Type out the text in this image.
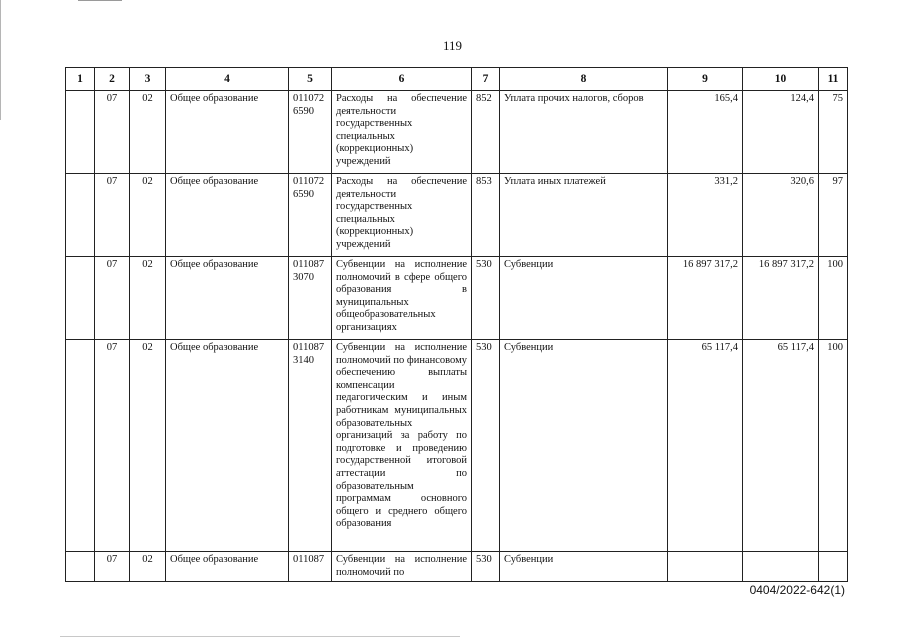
119
1	2	3	4	5	6	7	8	9	10	11
	07	02	Общее образование	011072 6590	Расходы на обеспечение деятельности государственных специальных (коррекционных) учреждений	852	Уплата прочих налогов, сборов	165,4	124,4	75
	07	02	Общее образование	011072 6590	Расходы на обеспечение деятельности государственных специальных (коррекционных) учреждений	853	Уплата иных платежей	331,2	320,6	97
	07	02	Общее образование	011087 3070	Субвенции на исполнение полномочий в сфере общего образования в муниципальных общеобразовательных организациях	530	Субвенции	16 897 317,2	16 897 317,2	100
	07	02	Общее образование	011087 3140	Субвенции на исполнение полномочий по финансовому обеспечению выплаты компенсации педагогическим и иным работникам муниципальных образовательных организаций за работу по подготовке и проведению государственной итоговой аттестации по образовательным программам основного общего и среднего общего образования	530	Субвенции	65 117,4	65 117,4	100
	07	02	Общее образование	011087	Субвенции на исполнение полномочий по	530	Субвенции			
0404/2022-642(1)
